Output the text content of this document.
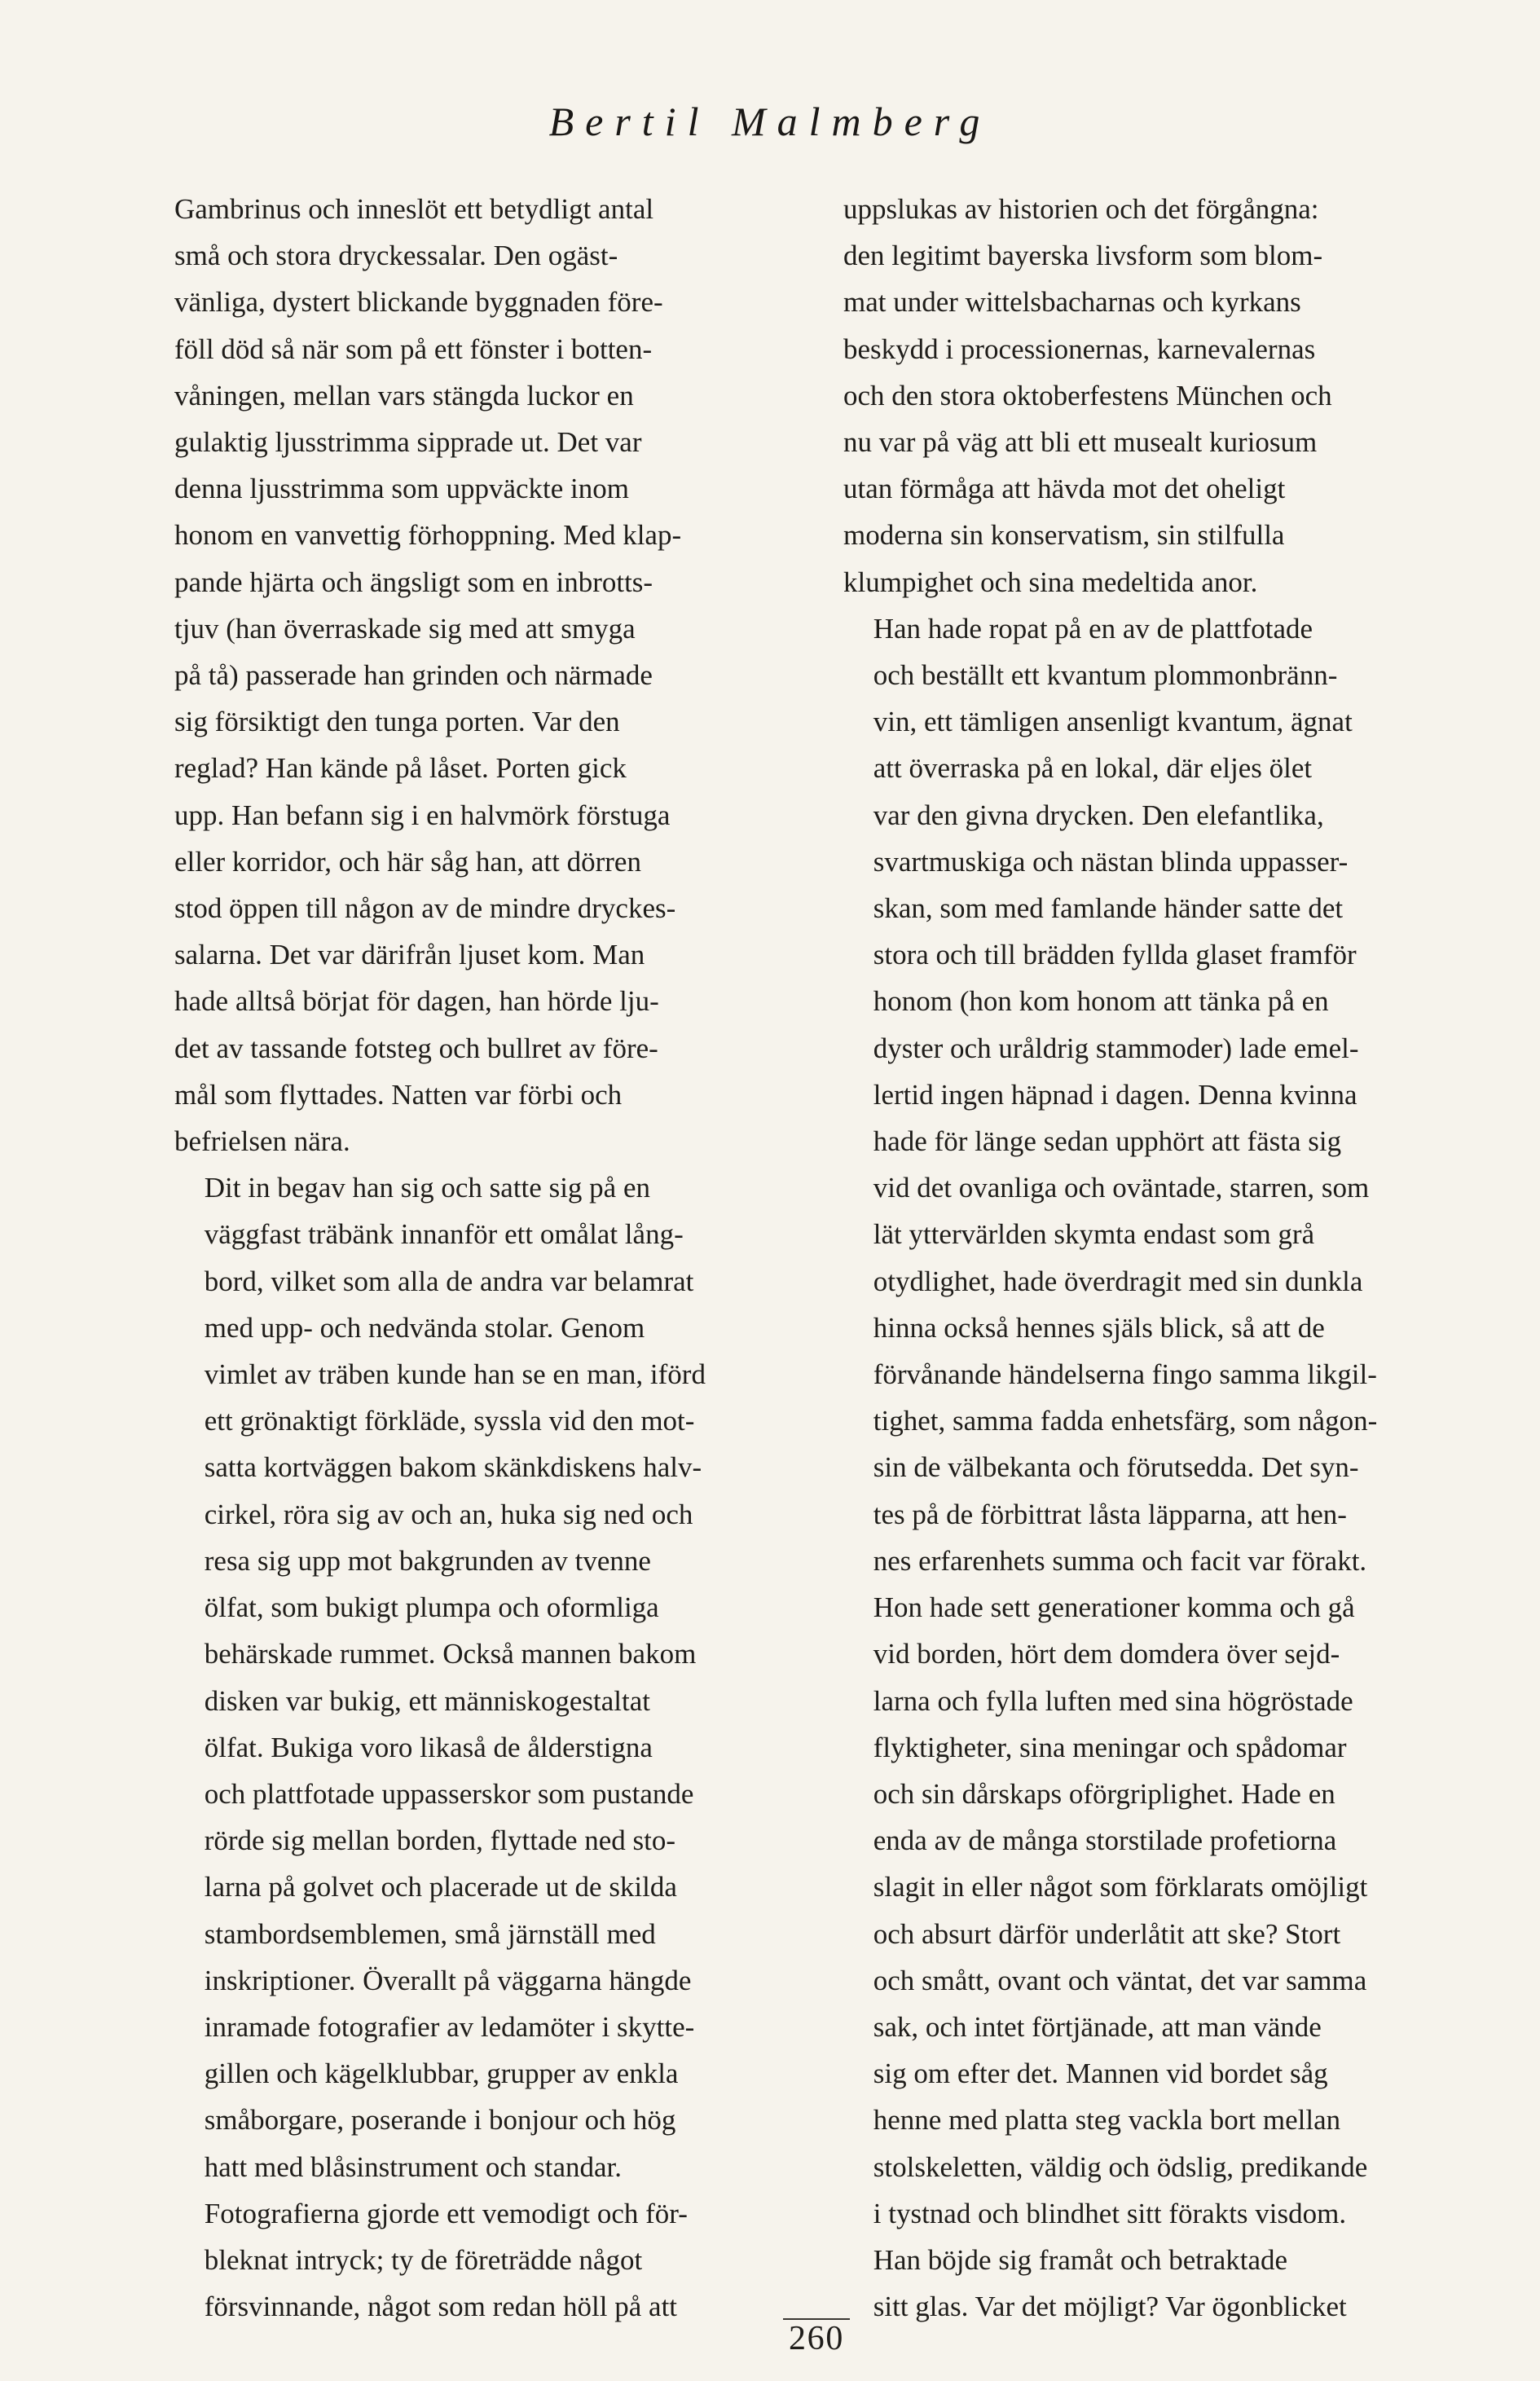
Bertil Malmberg

Gambrinus och inneslöt ett betydligt antal
små och stora dryckessalar. Den ogäst-
vänliga, dystert blickande byggnaden före-
föll död så när som på ett fönster i botten-
våningen, mellan vars stängda luckor en
gulaktig ljusstrimma sipprade ut. Det var
denna ljusstrimma som uppväckte inom
honom en vanvettig förhoppning. Med klap-
pande hjärta och ängsligt som en inbrotts-
tjuv (han överraskade sig med att smyga
på tå) passerade han grinden och närmade
sig försiktigt den tunga porten. Var den
reglad? Han kände på låset. Porten gick
upp. Han befann sig i en halvmörk förstuga
eller korridor, och här såg han, att dörren
stod öppen till någon av de mindre dryckes-
salarna. Det var därifrån ljuset kom. Man
hade alltså börjat för dagen, han hörde lju-
det av tassande fotsteg och bullret av före-
mål som flyttades. Natten var förbi och
befrielsen nära.

Dit in begav han sig och satte sig på en
väggfast träbänk innanför ett omålat lång-
bord, vilket som alla de andra var belamrat
med upp- och nedvända stolar. Genom
vimlet av träben kunde han se en man, iförd
ett grönaktigt förkläde, syssla vid den mot-
satta kortväggen bakom skänkdiskens halv-
cirkel, röra sig av och an, huka sig ned och
resa sig upp mot bakgrunden av tvenne
ölfat, som bukigt plumpa och oformliga
behärskade rummet. Också mannen bakom
disken var bukig, ett människogestaltat
ölfat. Bukiga voro likaså de ålderstigna
och plattfotade uppasserskor som pustande
rörde sig mellan borden, flyttade ned sto-
larna på golvet och placerade ut de skilda
stambordsemblemen, små järnställ med
inskriptioner. Överallt på väggarna hängde
inramade fotografier av ledamöter i skytte-
gillen och kägelklubbar, grupper av enkla
småborgare, poserande i bonjour och hög
hatt med blåsinstrument och standar.
Fotografierna gjorde ett vemodigt och för-
bleknat intryck; ty de företrädde något
försvinnande, något som redan höll på att

uppslukas av historien och det förgångna:
den legitimt bayerska livsform som blom-
mat under wittelsbacharnas och kyrkans
beskydd i processionernas, karnevalernas
och den stora oktoberfestens München och
nu var på väg att bli ett musealt kuriosum
utan förmåga att hävda mot det oheligt
moderna sin konservatism, sin stilfulla
klumpighet och sina medeltida anor.

Han hade ropat på en av de plattfotade
och beställt ett kvantum plommonbränn-
vin, ett tämligen ansenligt kvantum, ägnat
att överraska på en lokal, där eljes ölet
var den givna drycken. Den elefantlika,
svartmuskiga och nästan blinda uppasser-
skan, som med famlande händer satte det
stora och till brädden fyllda glaset framför
honom (hon kom honom att tänka på en
dyster och uråldrig stammoder) lade emel-
lertid ingen häpnad i dagen. Denna kvinna
hade för länge sedan upphört att fästa sig
vid det ovanliga och oväntade, starren, som
lät yttervärlden skymta endast som grå
otydlighet, hade överdragit med sin dunkla
hinna också hennes själs blick, så att de
förvånande händelserna fingo samma likgil-
tighet, samma fadda enhetsfärg, som någon-
sin de välbekanta och förutsedda. Det syn-
tes på de förbittrat låsta läpparna, att hen-
nes erfarenhets summa och facit var förakt.
Hon hade sett generationer komma och gå
vid borden, hört dem domdera över sejd-
larna och fylla luften med sina högröstade
flyktigheter, sina meningar och spådomar
och sin dårskaps oförgriplighet. Hade en
enda av de många storstilade profetiorna
slagit in eller något som förklarats omöjligt
och absurt därför underlåtit att ske? Stort
och smått, ovant och väntat, det var samma
sak, och intet förtjänade, att man vände
sig om efter det. Mannen vid bordet såg
henne med platta steg vackla bort mellan
stolskeletten, väldig och ödslig, predikande
i tystnad och blindhet sitt förakts visdom.

Han böjde sig framåt och betraktade
sitt glas. Var det möjligt? Var ögonblicket

260
